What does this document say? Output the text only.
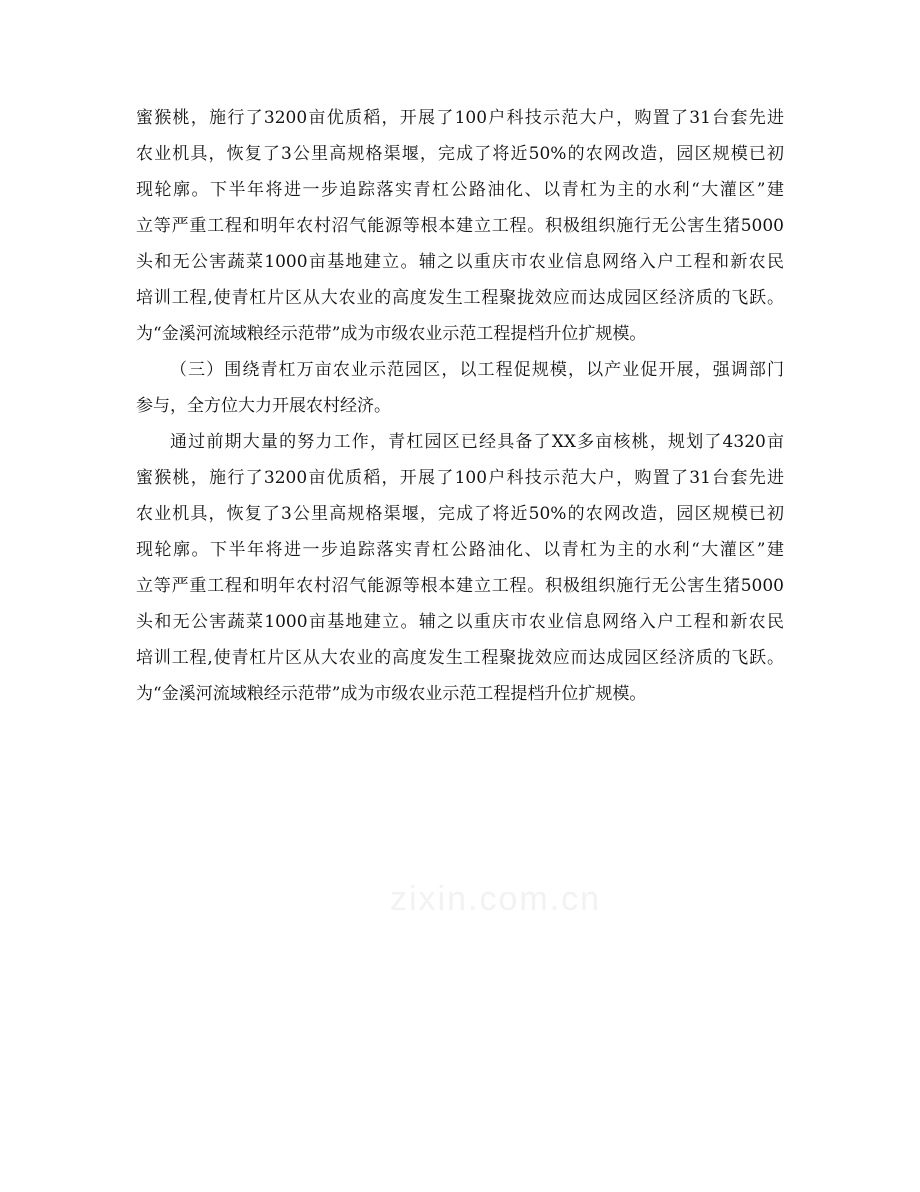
蜜猴桃，施行了3200亩优质稻，开展了100户科技示范大户，购置了31台套先进
农业机具，恢复了3公里高规格渠堰，完成了将近50%的农网改造，园区规模已初
现轮廓。下半年将进一步追踪落实青杠公路油化、以青杠为主的水利“大灌区”建
立等严重工程和明年农村沼气能源等根本建立工程。积极组织施行无公害生猪5000
头和无公害蔬菜1000亩基地建立。辅之以重庆市农业信息网络入户工程和新农民
培训工程,使青杠片区从大农业的高度发生工程聚拢效应而达成园区经济质的飞跃。
为“金溪河流域粮经示范带”成为市级农业示范工程提档升位扩规模。
（三）围绕青杠万亩农业示范园区，以工程促规模，以产业促开展，强调部门
参与，全方位大力开展农村经济。
通过前期大量的努力工作，青杠园区已经具备了XX多亩核桃，规划了4320亩
蜜猴桃，施行了3200亩优质稻，开展了100户科技示范大户，购置了31台套先进
农业机具，恢复了3公里高规格渠堰，完成了将近50%的农网改造，园区规模已初
现轮廓。下半年将进一步追踪落实青杠公路油化、以青杠为主的水利“大灌区”建
立等严重工程和明年农村沼气能源等根本建立工程。积极组织施行无公害生猪5000
头和无公害蔬菜1000亩基地建立。辅之以重庆市农业信息网络入户工程和新农民
培训工程,使青杠片区从大农业的高度发生工程聚拢效应而达成园区经济质的飞跃。
为“金溪河流域粮经示范带”成为市级农业示范工程提档升位扩规模。
zixin.com.cn
